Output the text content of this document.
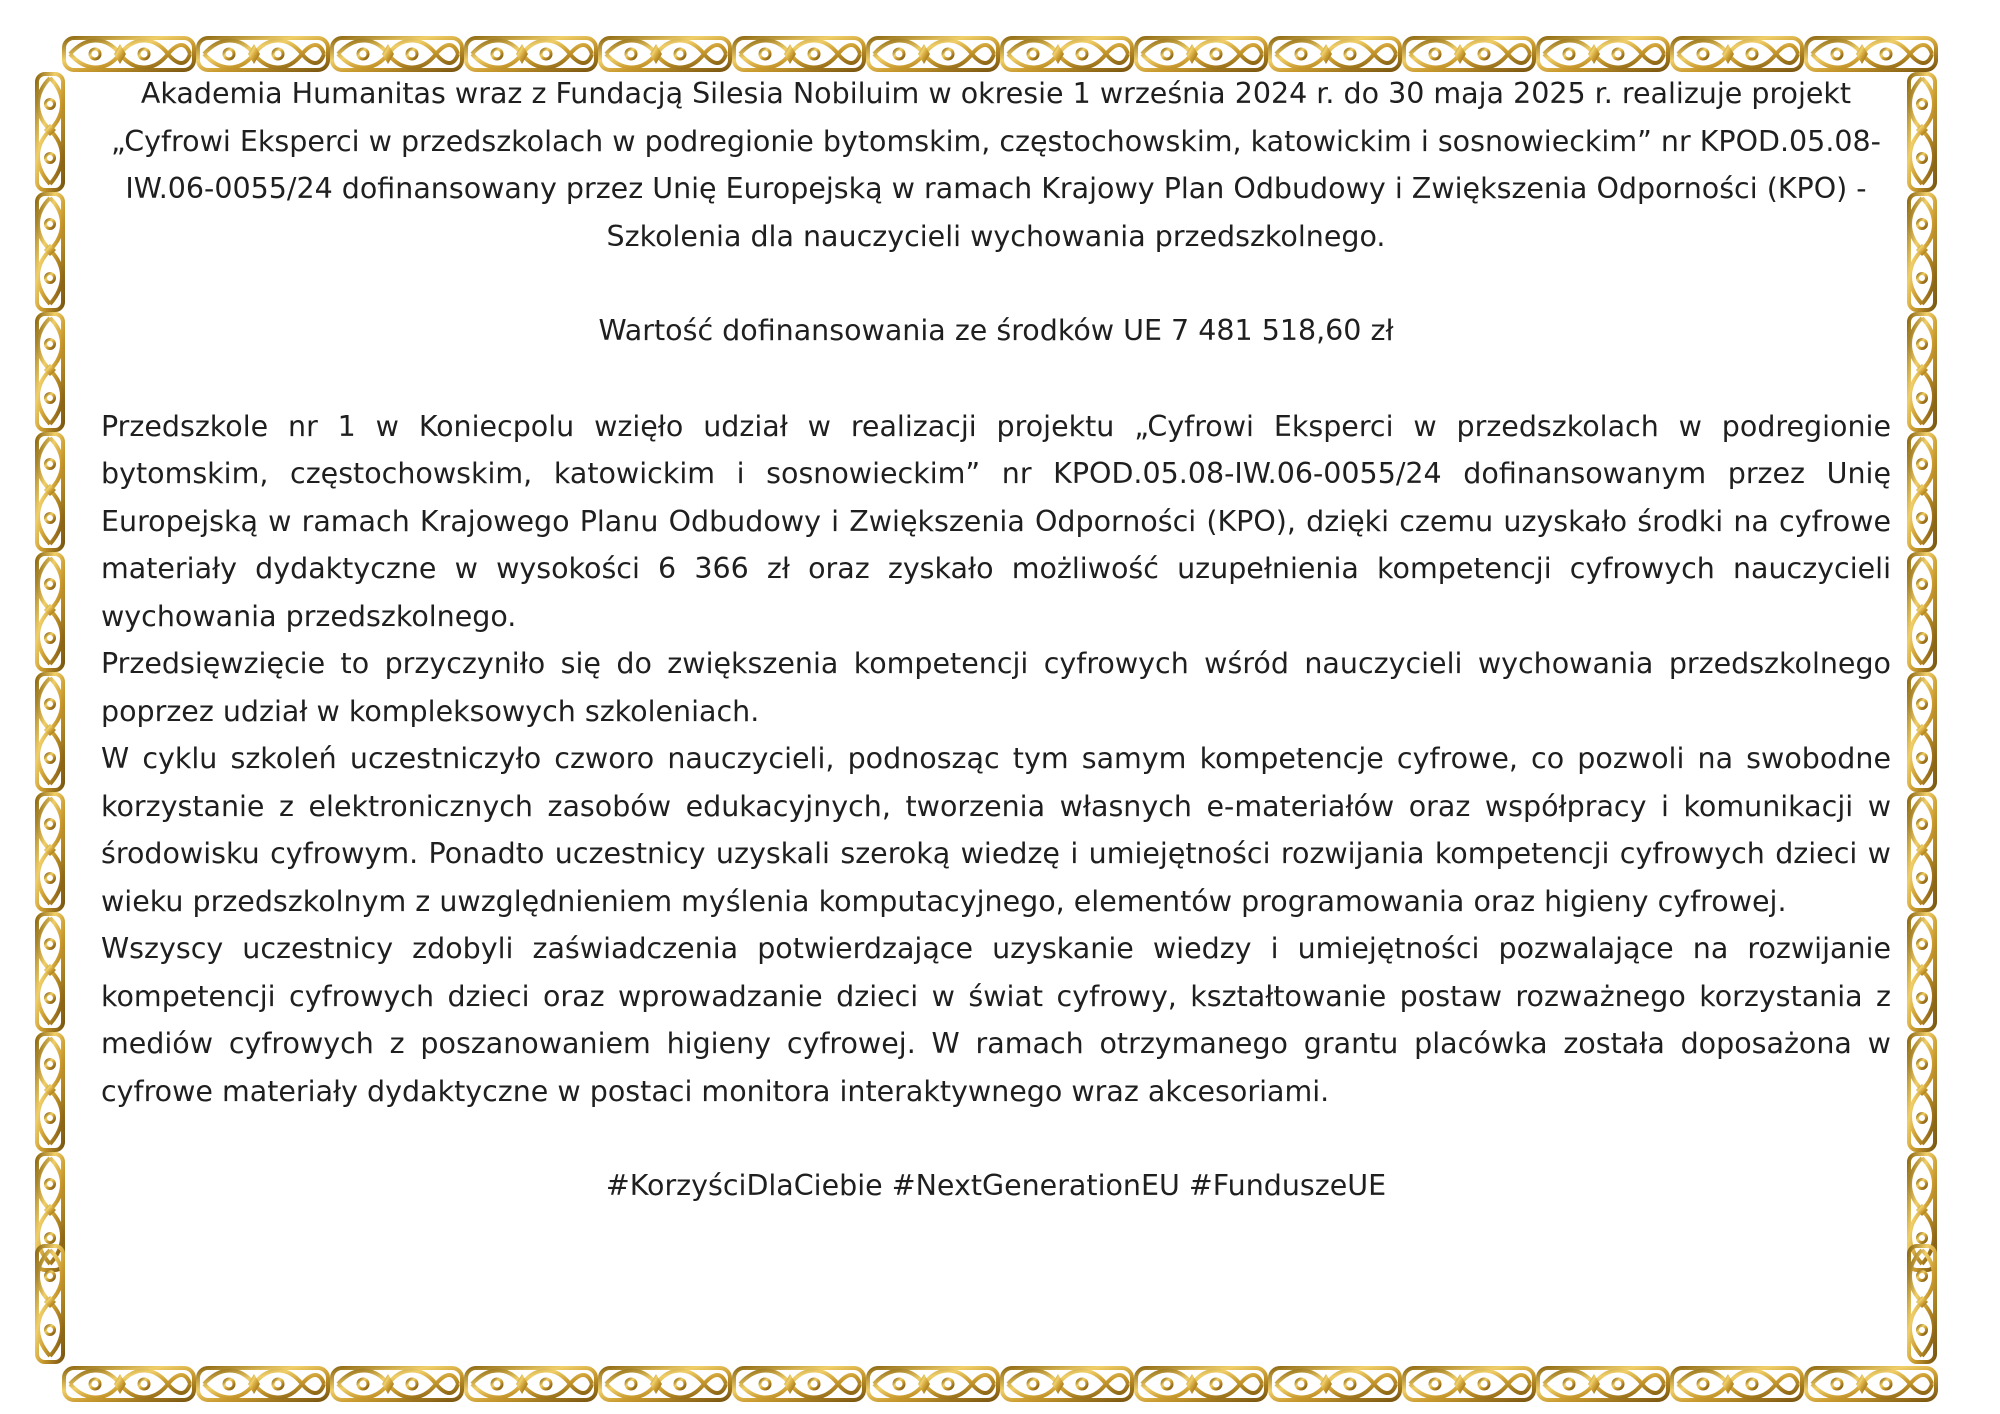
Akademia Humanitas wraz z Fundacją Silesia Nobiluim w okresie 1 września 2024 r. do 30 maja 2025 r. realizuje projekt „Cyfrowi Eksperci w przedszkolach w podregionie bytomskim, częstochowskim, katowickim i sosnowieckim” nr KPOD.05.08-IW.06-0055/24 dofinansowany przez Unię Europejską w ramach Krajowy Plan Odbudowy i Zwiększenia Odporności (KPO) - Szkolenia dla nauczycieli wychowania przedszkolnego.

Wartość dofinansowania ze środków UE 7 481 518,60 zł

Przedszkole nr 1 w Koniecpolu wzięło udział w realizacji projektu „Cyfrowi Eksperci w przedszkolach w podregionie bytomskim, częstochowskim, katowickim i sosnowieckim” nr KPOD.05.08-IW.06-0055/24 dofinansowanym przez Unię Europejską w ramach Krajowego Planu Odbudowy i Zwiększenia Odporności (KPO), dzięki czemu uzyskało środki na cyfrowe materiały dydaktyczne w wysokości 6 366 zł oraz zyskało możliwość uzupełnienia kompetencji cyfrowych nauczycieli wychowania przedszkolnego.

Przedsięwzięcie to przyczyniło się do zwiększenia kompetencji cyfrowych wśród nauczycieli wychowania przedszkolnego poprzez udział w kompleksowych szkoleniach.

W cyklu szkoleń uczestniczyło czworo nauczycieli, podnosząc tym samym kompetencje cyfrowe, co pozwoli na swobodne korzystanie z elektronicznych zasobów edukacyjnych, tworzenia własnych e-materiałów oraz współpracy i komunikacji w środowisku cyfrowym. Ponadto uczestnicy uzyskali szeroką wiedzę i umiejętności rozwijania kompetencji cyfrowych dzieci w wieku przedszkolnym z uwzględnieniem myślenia komputacyjnego, elementów programowania oraz higieny cyfrowej.

Wszyscy uczestnicy zdobyli zaświadczenia potwierdzające uzyskanie wiedzy i umiejętności pozwalające na rozwijanie kompetencji cyfrowych dzieci oraz wprowadzanie dzieci w świat cyfrowy, kształtowanie postaw rozważnego korzystania z mediów cyfrowych z poszanowaniem higieny cyfrowej. W ramach otrzymanego grantu placówka została doposażona w cyfrowe materiały dydaktyczne w postaci monitora interaktywnego wraz akcesoriami.

#KorzyściDlaCiebie #NextGenerationEU #FunduszeUE
